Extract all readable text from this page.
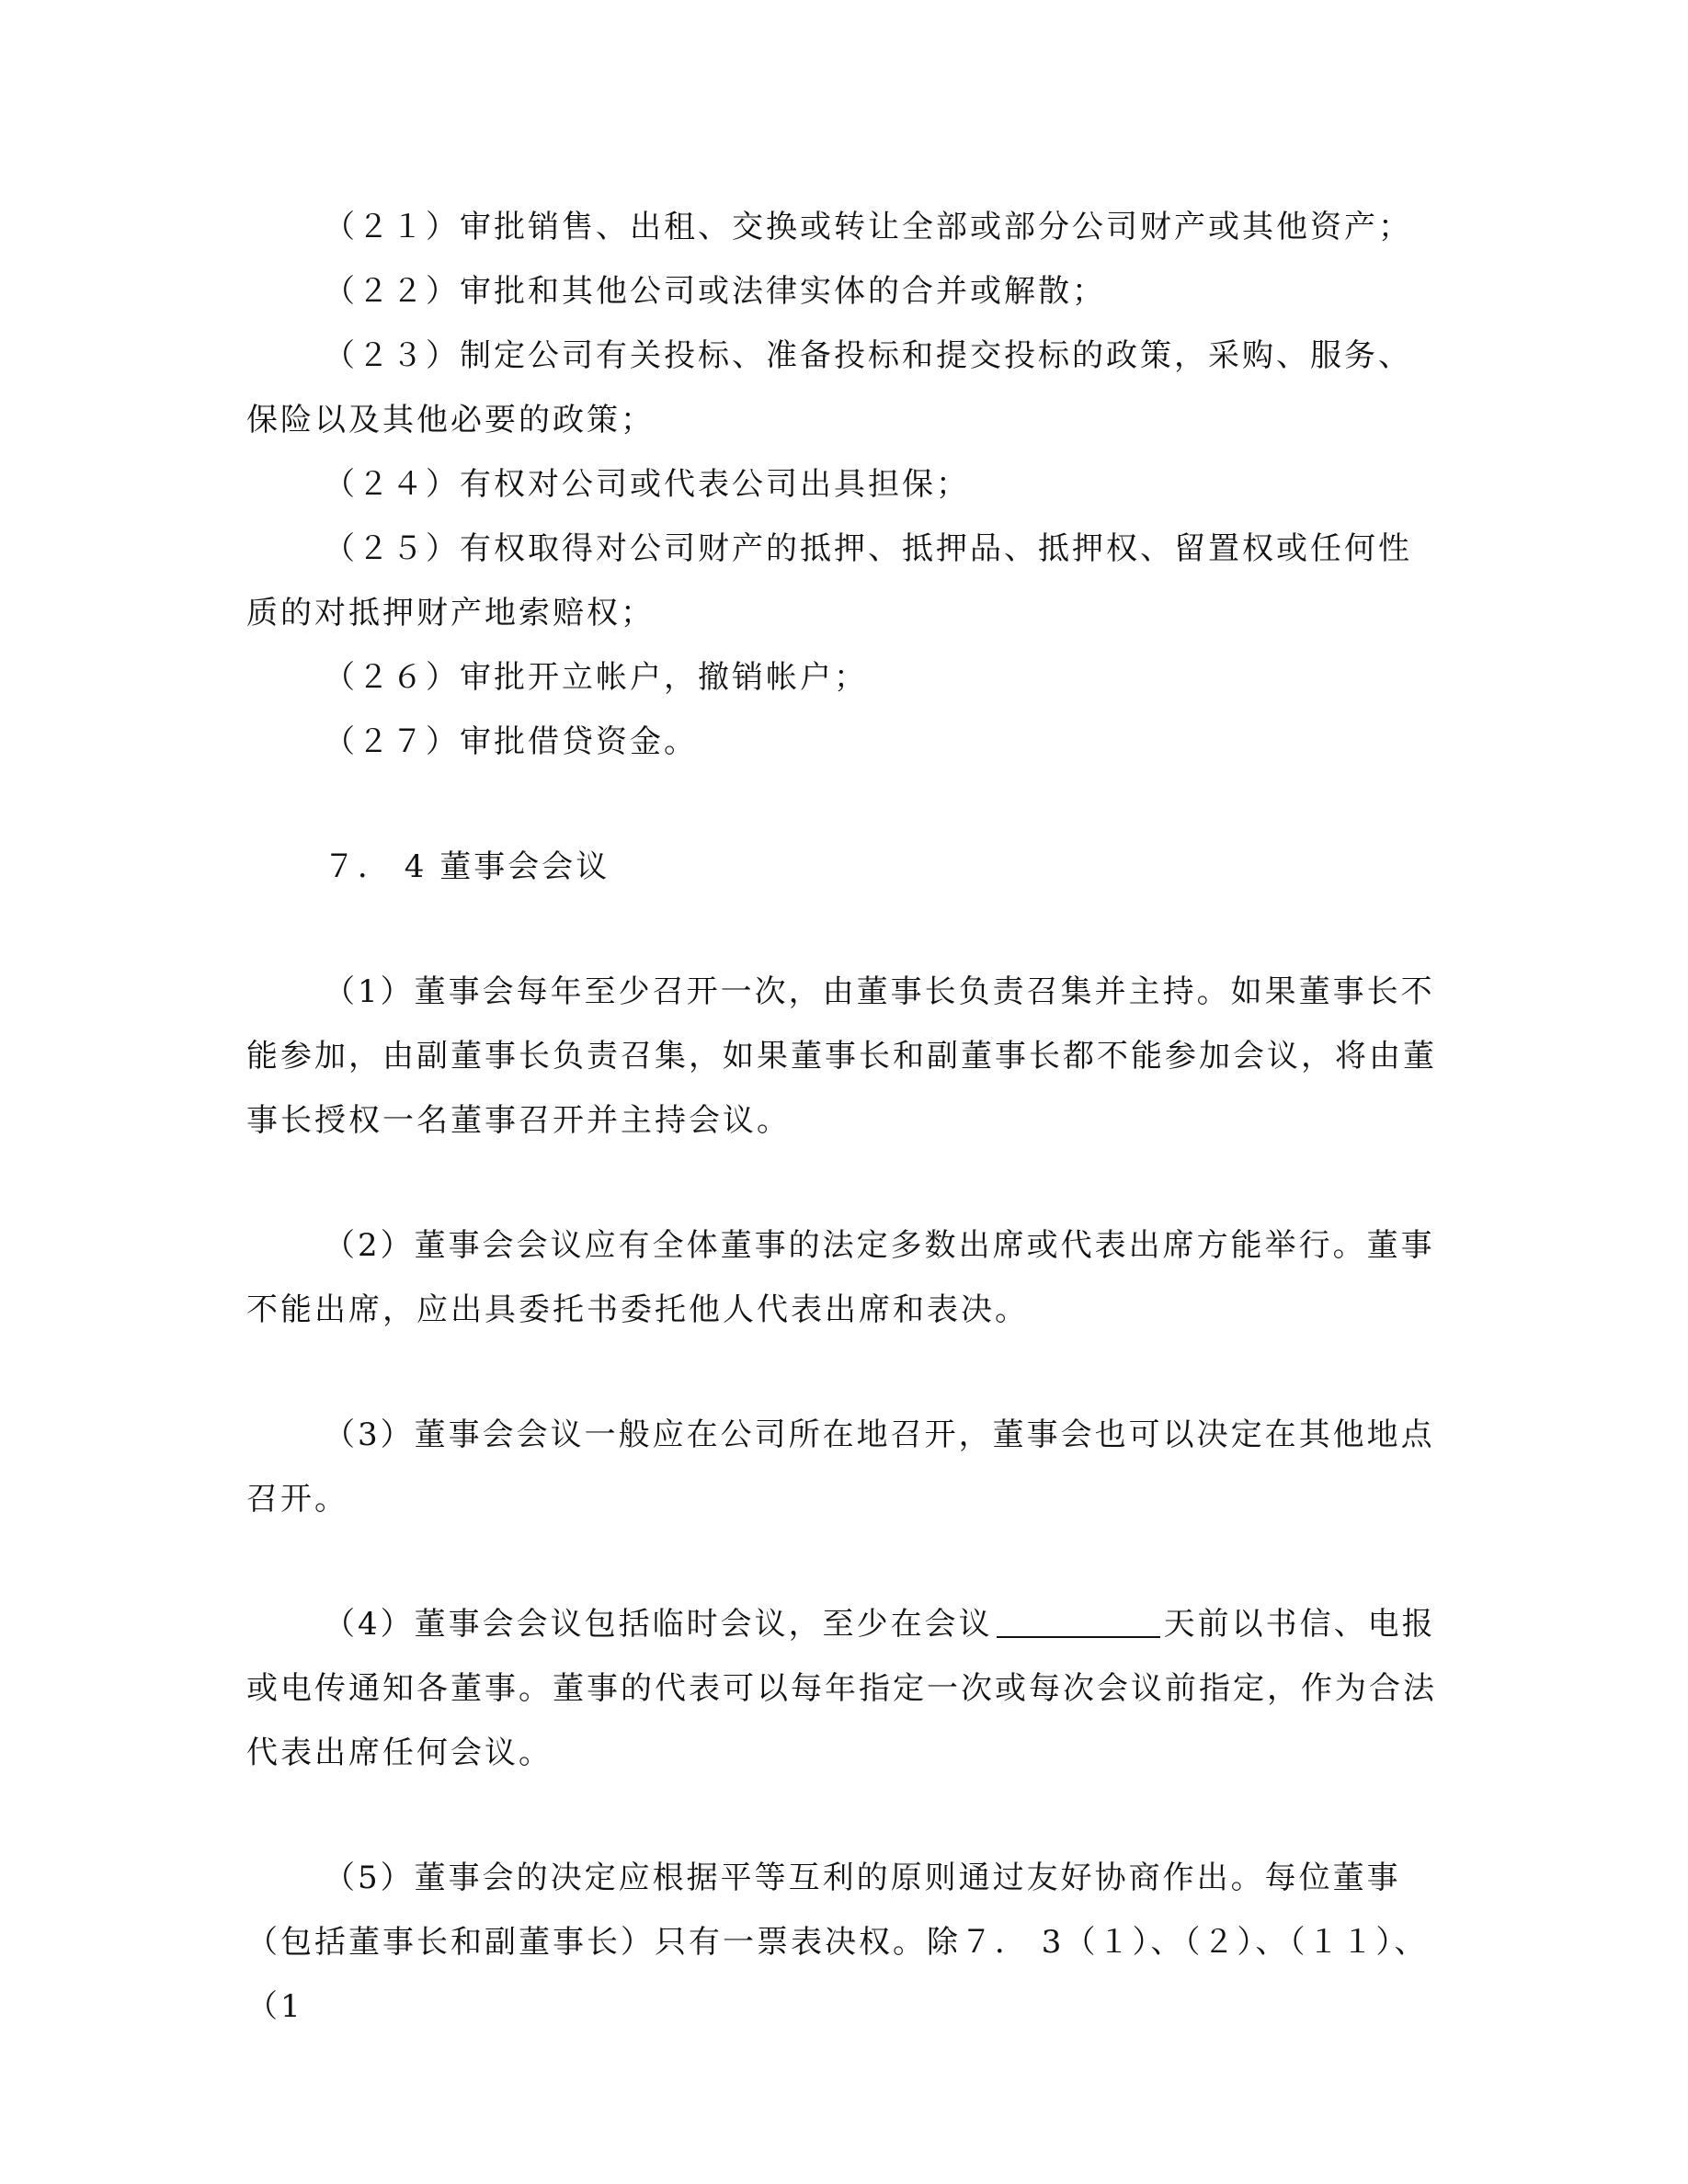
（２１）审批销售、出租、交换或转让全部或部分公司财产或其他资产；

（２２）审批和其他公司或法律实体的合并或解散；

（２３）制定公司有关投标、准备投标和提交投标的政策，采购、服务、保险以及其他必要的政策；

（２４）有权对公司或代表公司出具担保；

（２５）有权取得对公司财产的抵押、抵押品、抵押权、留置权或任何性质的对抵押财产地索赔权；

（２６）审批开立帐户，撤销帐户；

（２７）审批借贷资金。

７． 4 董事会会议

（1）董事会每年至少召开一次，由董事长负责召集并主持。如果董事长不能参加，由副董事长负责召集，如果董事长和副董事长都不能参加会议，将由董事长授权一名董事召开并主持会议。

（2）董事会会议应有全体董事的法定多数出席或代表出席方能举行。董事不能出席，应出具委托书委托他人代表出席和表决。

（3）董事会会议一般应在公司所在地召开，董事会也可以决定在其他地点召开。

（4）董事会会议包括临时会议，至少在会议	天前以书信、电报或电传通知各董事。董事的代表可以每年指定一次或每次会议前指定，作为合法代表出席任何会议。

（5）董事会的决定应根据平等互利的原则通过友好协商作出。每位董事（包括董事长和副董事长）只有一票表决权。除７． 3（１）、（２）、（１１）、（1
